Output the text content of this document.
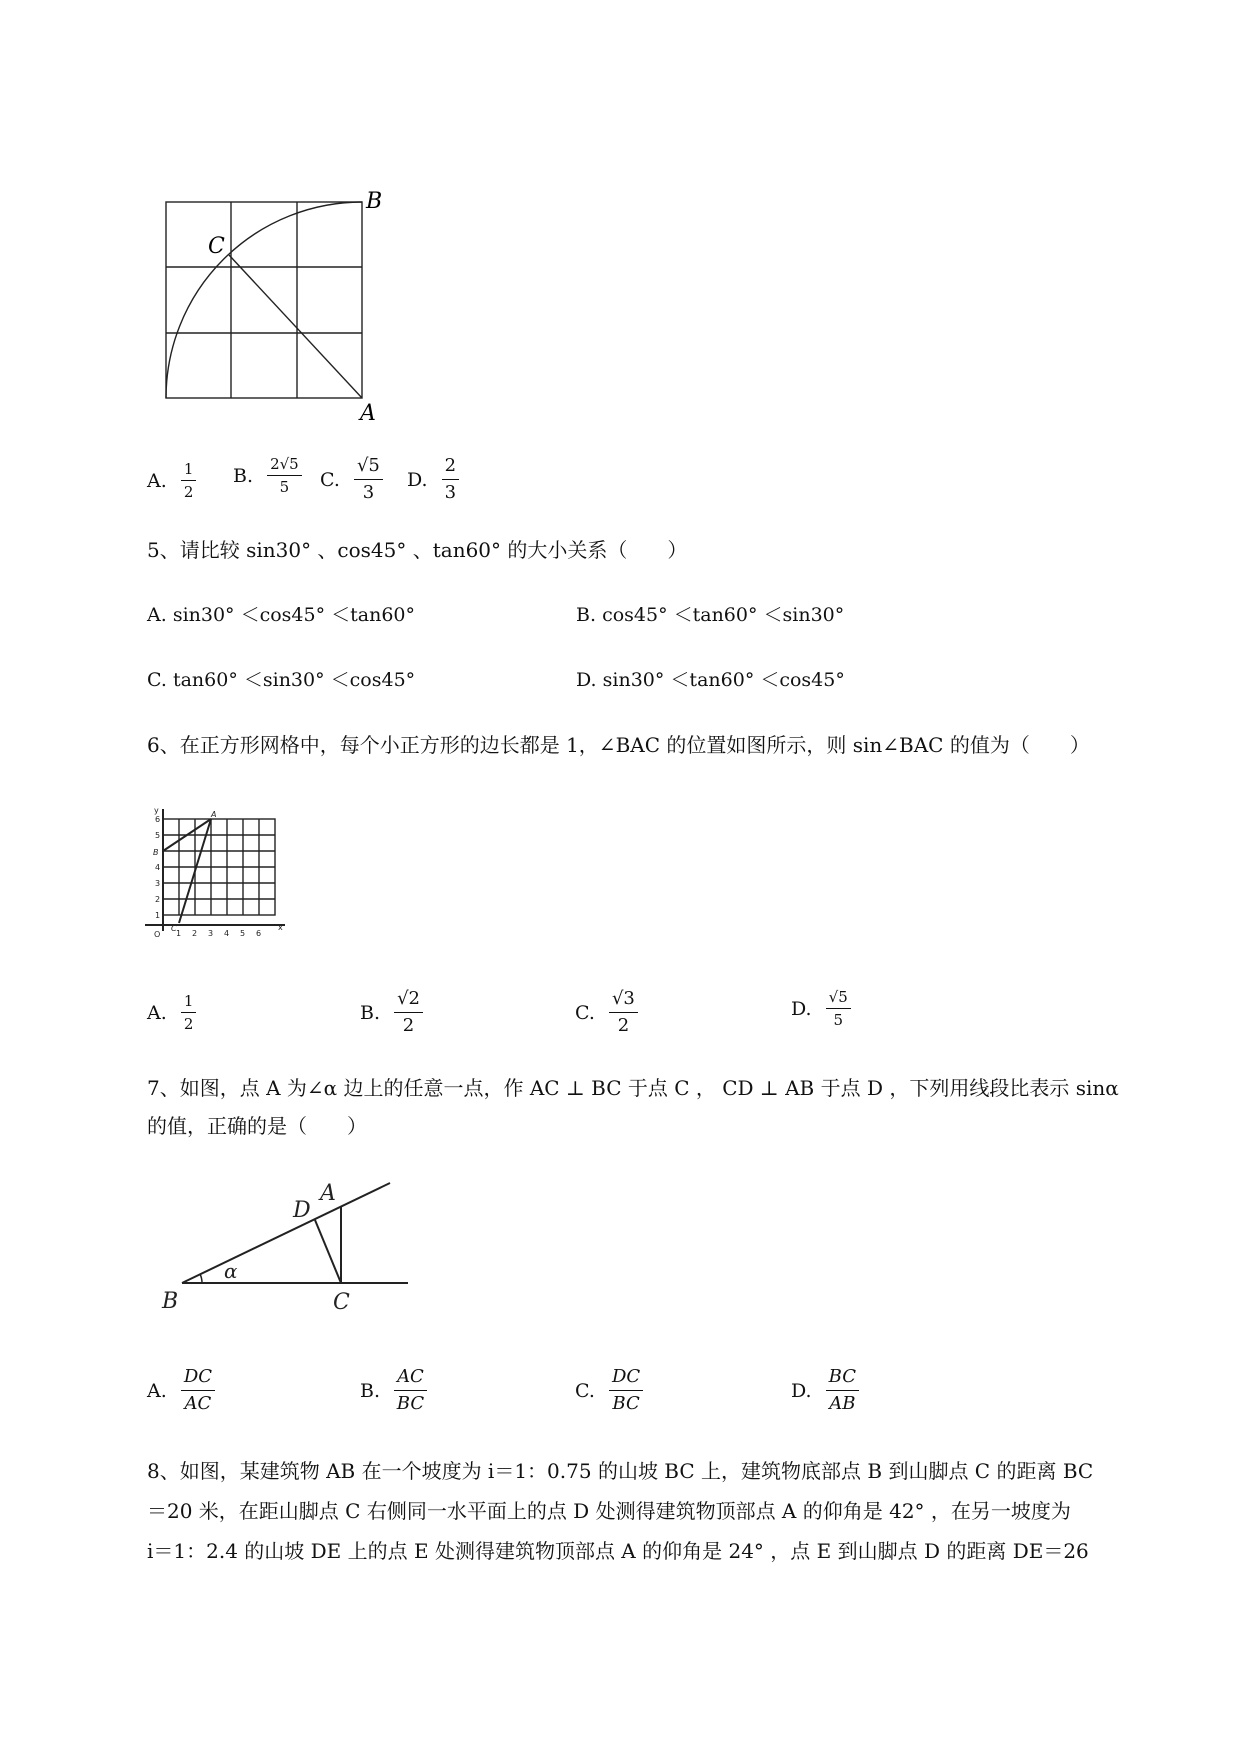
B
C
A
A. $\frac{1}{2} B$. $\frac{2√5}{5} C$. $\frac{√5}{3} D$. $\frac{2}{3}$
5、请比较 sin30° 、cos45° 、tan60° 的大小关系（　　）
A. sin30° ＜cos45° ＜tan60°	B. cos45° ＜tan60° ＜sin30°
C. tan60° ＜sin30° ＜cos45°	D. sin30° ＜tan60° ＜cos45°
6、在正方形网格中，每个小正方形的边长都是 1，∠BAC 的位置如图所示，则 sin∠BAC 的值为（　　）
y
x
O
A
B
C
1 2 3 4 5 6
1
2
3
4
5
6
A. $\frac{1}{2}$	B. $\frac{√2}{2}$	C. $\frac{√3}{2}$	D. $\frac{√5}{5}$
7、如图，点 A 为∠α 边上的任意一点，作 AC ⊥ BC 于点 C ， CD ⊥ AB 于点 D ，下列用线段比表示 sinα
的值，正确的是（　　）
A
D
B	C
α
A. $\frac{DC}{AC}$	B. $\frac{AC}{BC}$	C. $\frac{DC}{BC}$	D. $\frac{BC}{AB}$
8、如图，某建筑物 AB 在一个坡度为 i＝1：0.75 的山坡 BC 上，建筑物底部点 B 到山脚点 C 的距离 BC
＝20 米，在距山脚点 C 右侧同一水平面上的点 D 处测得建筑物顶部点 A 的仰角是 42° ，在另一坡度为
i＝1：2.4 的山坡 DE 上的点 E 处测得建筑物顶部点 A 的仰角是 24° ，点 E 到山脚点 D 的距离 DE＝26
